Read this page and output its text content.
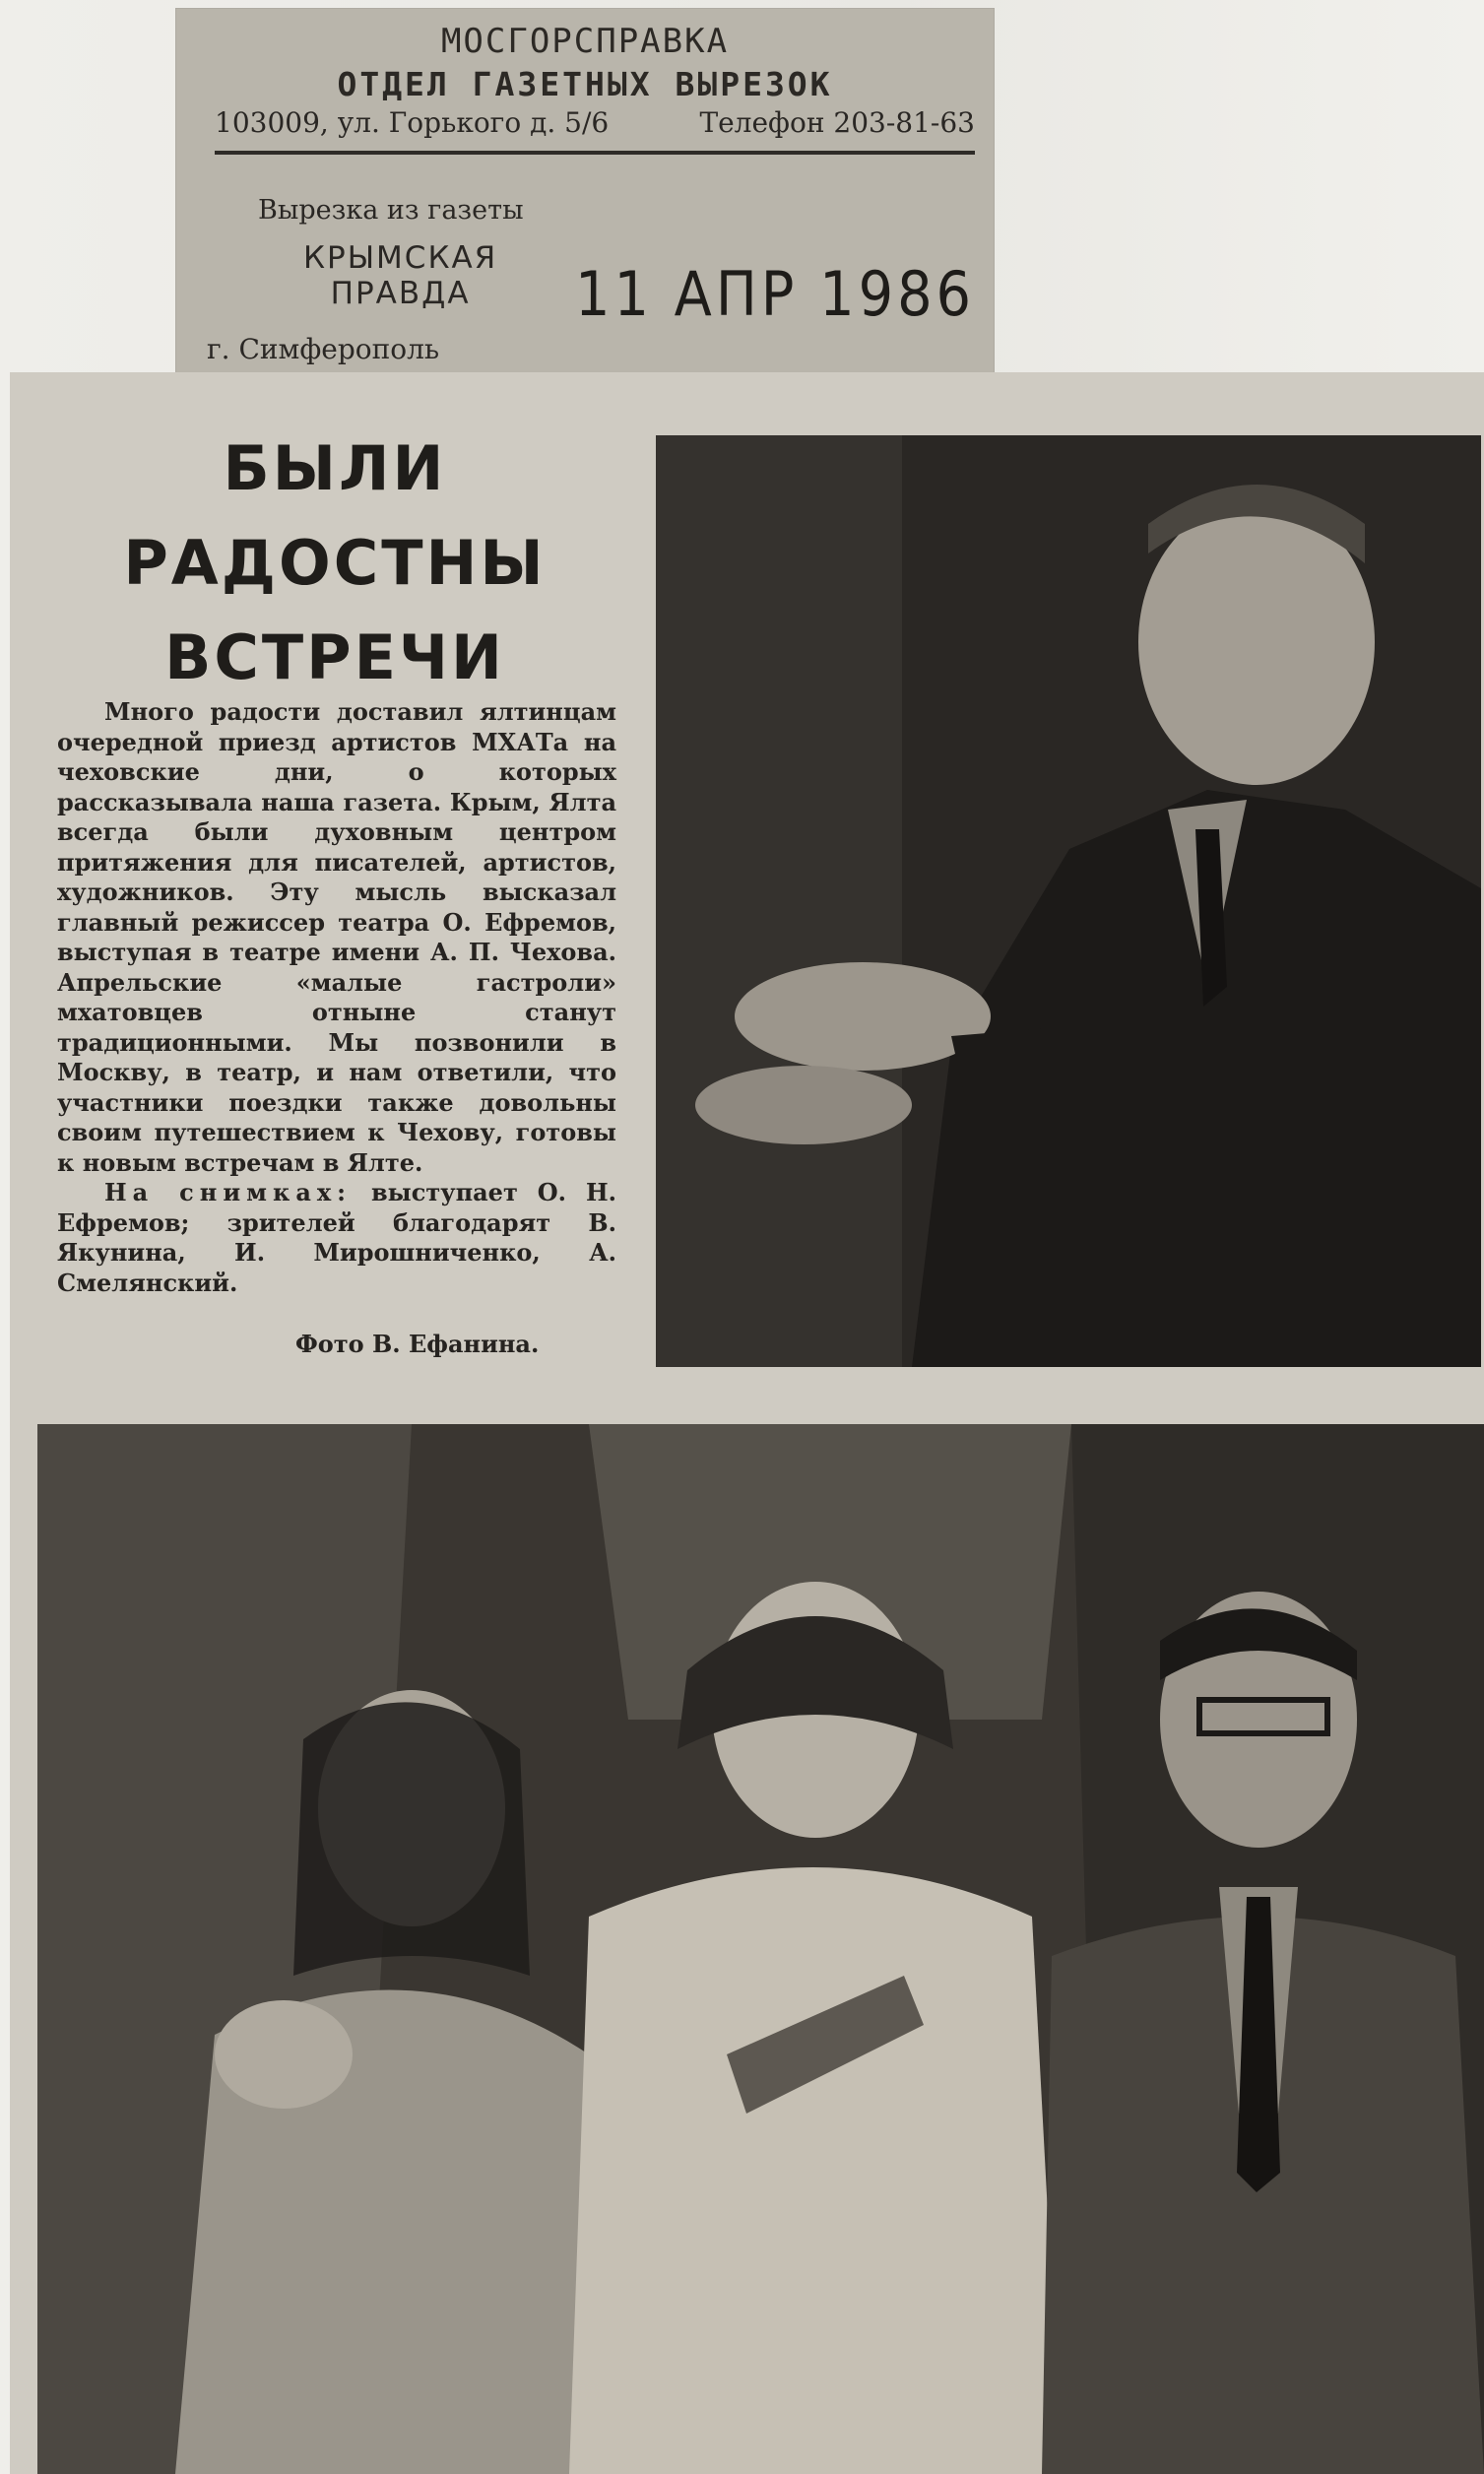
МОСГОРСПРАВКА
ОТДЕЛ ГАЗЕТНЫХ ВЫРЕЗОК
103009, ул. Горького д. 5/6	Телефон 203-81-63
Вырезка из газеты
КРЫМСКАЯ
ПРАВДА	11 АПР 1986
г. Симферополь
БЫЛИ
РАДОСТНЫ
ВСТРЕЧИ

Много радости доставил ялтинцам очередной приезд артистов МХАТа на чеховские дни, о которых рассказывала наша газета. Крым, Ялта всегда были духовным центром притяжения для писателей, артистов, художников. Эту мысль высказал главный режиссер театра О. Ефремов, выступая в театре имени А. П. Чехова. Апрельские «малые гастроли» мхатовцев отныне станут традиционными. Мы позвонили в Москву, в театр, и нам ответили, что участники поездки также довольны своим путешествием к Чехову, готовы к новым встречам в Ялте.

На снимках: выступает О. Н. Ефремов; зрителей благодарят В. Якунина, И. Мирошниченко, А. Смелянский.

Фото В. Ефанина.
